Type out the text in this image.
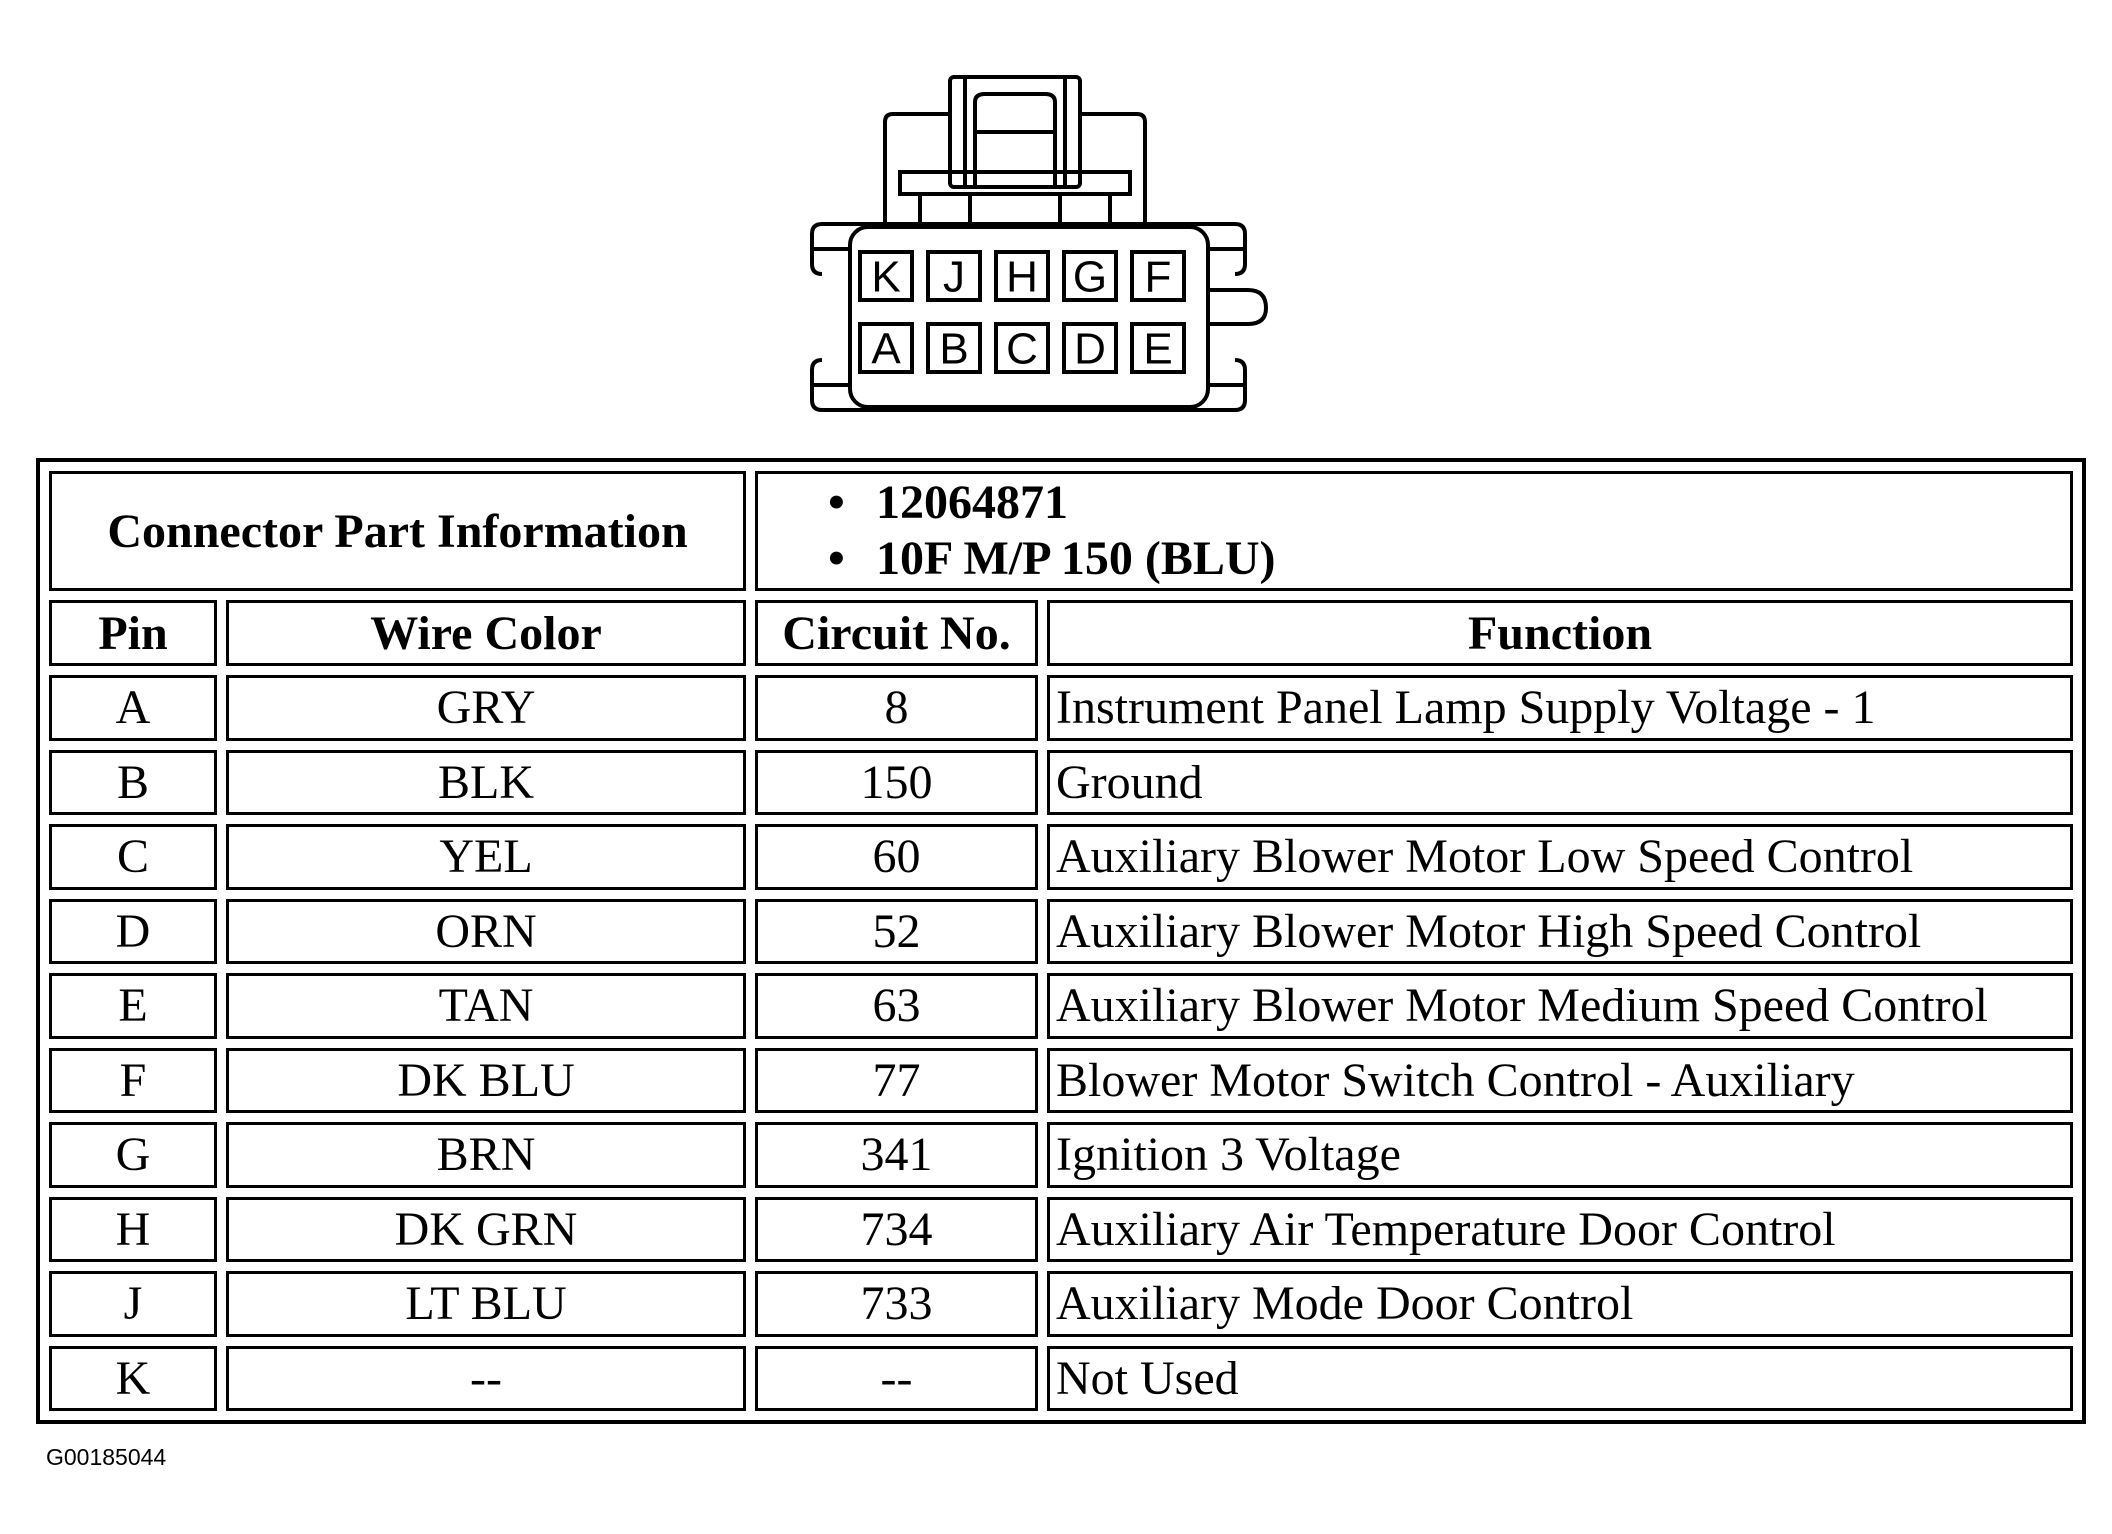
K J H G F
A B C D E
Connector Part Information		• 12064871
• 10F M/P 150 (BLU)	

Pin	Wire Color	Circuit No.	Function
A	GRY	8	Instrument Panel Lamp Supply Voltage - 1
B	BLK	150	Ground
C	YEL	60	Auxiliary Blower Motor Low Speed Control
D	ORN	52	Auxiliary Blower Motor High Speed Control
E	TAN	63	Auxiliary Blower Motor Medium Speed Control
F	DK BLU	77	Blower Motor Switch Control - Auxiliary
G	BRN	341	Ignition 3 Voltage
H	DK GRN	734	Auxiliary Air Temperature Door Control
J	LT BLU	733	Auxiliary Mode Door Control
K	--	--	Not Used
G00185044
